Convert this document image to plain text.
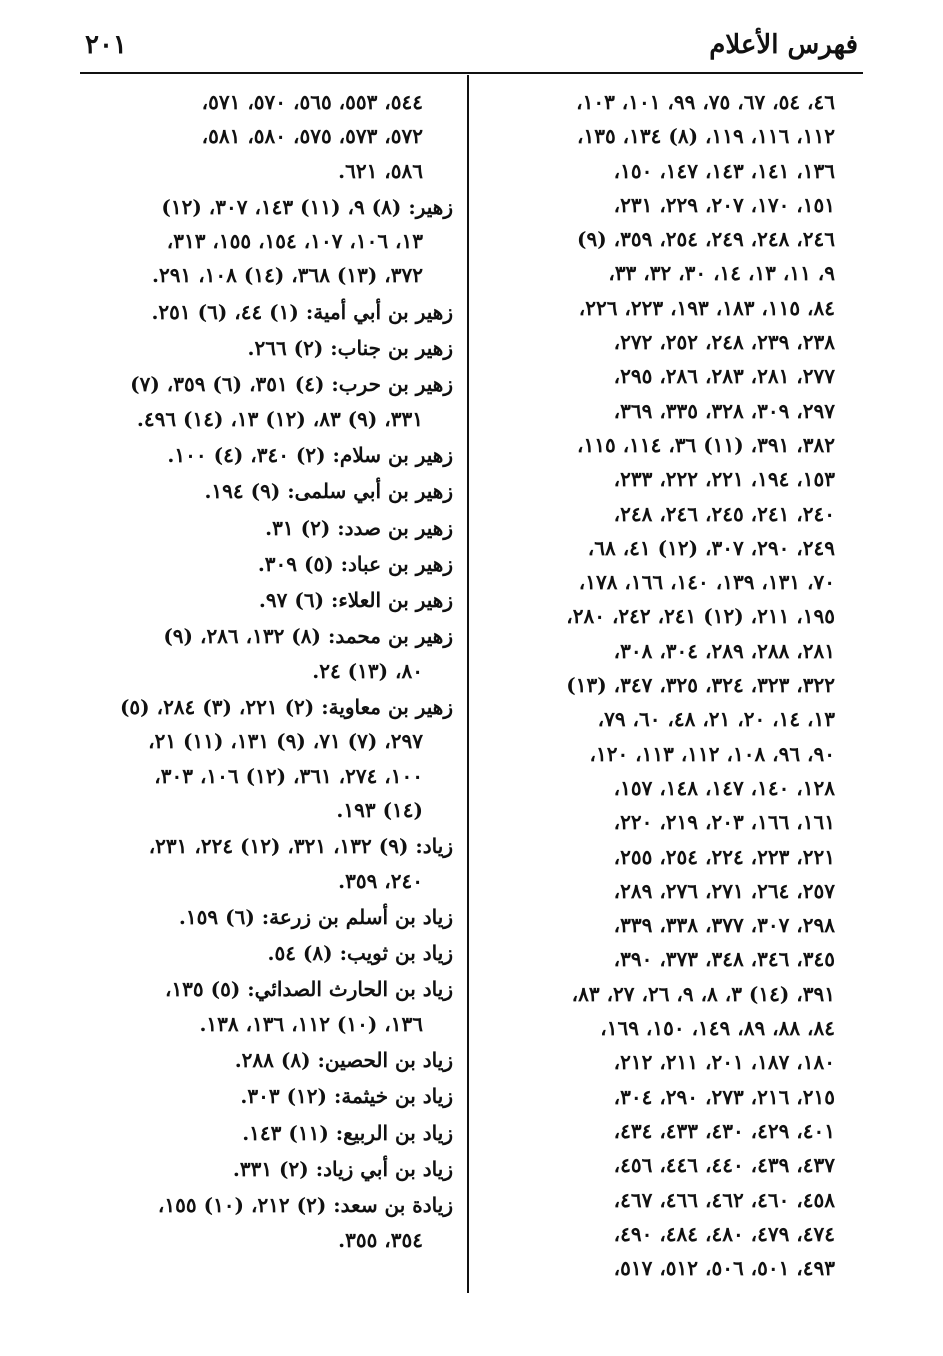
فهرس الأعلام
٢٠١
٤٦، ٥٤، ٦٧، ٧٥، ٩٩، ١٠١، ١٠٣،
١١٢، ١١٦، ١١٩، (٨) ١٣٤، ١٣٥،
١٣٦، ١٤١، ١٤٣، ١٤٧، ١٥٠،
١٥١، ١٧٠، ٢٠٧، ٢٢٩، ٢٣١،
٢٤٦، ٢٤٨، ٢٤٩، ٢٥٤، ٣٥٩، (٩)
٩، ١١، ١٣، ١٤، ٣٠، ٣٢، ٣٣،
٨٤، ١١٥، ١٨٣، ١٩٣، ٢٢٣، ٢٢٦،
٢٣٨، ٢٣٩، ٢٤٨، ٢٥٢، ٢٧٢،
٢٧٧، ٢٨١، ٢٨٣، ٢٨٦، ٢٩٥،
٢٩٧، ٣٠٩، ٣٢٨، ٣٣٥، ٣٦٩،
٣٨٢، ٣٩١، (١١) ٣٦، ١١٤، ١١٥،
١٥٣، ١٩٤، ٢٢١، ٢٢٢، ٢٣٣،
٢٤٠، ٢٤١، ٢٤٥، ٢٤٦، ٢٤٨،
٢٤٩، ٢٩٠، ٣٠٧، (١٢) ٤١، ٦٨،
٧٠، ١٣١، ١٣٩، ١٤٠، ١٦٦، ١٧٨،
١٩٥، ٢١١، (١٢) ٢٤١، ٢٤٢، ٢٨٠،
٢٨١، ٢٨٨، ٢٨٩، ٣٠٤، ٣٠٨،
٣٢٢، ٣٢٣، ٣٢٤، ٣٢٥، ٣٤٧، (١٣)
١٣، ١٤، ٢٠، ٢١، ٤٨، ٦٠، ٧٩،
٩٠، ٩٦، ١٠٨، ١١٢، ١١٣، ١٢٠،
١٢٨، ١٤٠، ١٤٧، ١٤٨، ١٥٧،
١٦١، ١٦٦، ٢٠٣، ٢١٩، ٢٢٠،
٢٢١، ٢٢٣، ٢٢٤، ٢٥٤، ٢٥٥،
٢٥٧، ٢٦٤، ٢٧١، ٢٧٦، ٢٨٩،
٢٩٨، ٣٠٧، ٣٧٧، ٣٣٨، ٣٣٩،
٣٤٥، ٣٤٦، ٣٤٨، ٣٧٣، ٣٩٠،
٣٩١، (١٤) ٣، ٨، ٩، ٢٦، ٢٧، ٨٣،
٨٤، ٨٨، ٨٩، ١٤٩، ١٥٠، ١٦٩،
١٨٠، ١٨٧، ٢٠١، ٢١١، ٢١٢،
٢١٥، ٢١٦، ٢٧٣، ٢٩٠، ٣٠٤،
٤٠١، ٤٢٩، ٤٣٠، ٤٣٣، ٤٣٤،
٤٣٧، ٤٣٩، ٤٤٠، ٤٤٦، ٤٥٦،
٤٥٨، ٤٦٠، ٤٦٢، ٤٦٦، ٤٦٧،
٤٧٤، ٤٧٩، ٤٨٠، ٤٨٤، ٤٩٠،
٤٩٣، ٥٠١، ٥٠٦، ٥١٢، ٥١٧،
٥٤٤، ٥٥٣، ٥٦٥، ٥٧٠، ٥٧١،
٥٧٢، ٥٧٣، ٥٧٥، ٥٨٠، ٥٨١،
٥٨٦، ٦٢١.
زهير: (٨) ٩، (١١) ١٤٣، ٣٠٧، (١٢)
١٣، ١٠٦، ١٠٧، ١٥٤، ١٥٥، ٣١٣،
٣٧٢، (١٣) ٣٦٨، (١٤) ١٠٨، ٢٩١.
زهير بن أبي أمية: (١) ٤٤، (٦) ٢٥١.
زهير بن جناب: (٢) ٢٦٦.
زهير بن حرب: (٤) ٣٥١، (٦) ٣٥٩، (٧)
٣٣١، (٩) ٨٣، (١٢) ١٣، (١٤) ٤٩٦.
زهير بن سلام: (٢) ٣٤٠، (٤) ١٠٠.
زهير بن أبي سلمى: (٩) ١٩٤.
زهير بن صدد: (٢) ٣١.
زهير بن عباد: (٥) ٣٠٩.
زهير بن العلاء: (٦) ٩٧.
زهير بن محمد: (٨) ١٣٢، ٢٨٦، (٩)
٨٠، (١٣) ٢٤.
زهير بن معاوية: (٢) ٢٢١، (٣) ٢٨٤، (٥)
٢٩٧، (٧) ٧١، (٩) ١٣١، (١١) ٢١،
١٠٠، ٢٧٤، ٣٦١، (١٢) ١٠٦، ٣٠٣،
(١٤) ١٩٣.
زياد: (٩) ١٣٢، ٣٢١، (١٢) ٢٢٤، ٢٣١،
٢٤٠، ٣٥٩.
زياد بن أسلم بن زرعة: (٦) ١٥٩.
زياد بن ثويب: (٨) ٥٤.
زياد بن الحارث الصدائي: (٥) ١٣٥،
١٣٦، (١٠) ١١٢، ١٣٦، ١٣٨.
زياد بن الحصين: (٨) ٢٨٨.
زياد بن خيثمة: (١٢) ٣٠٣.
زياد بن الربيع: (١١) ١٤٣.
زياد بن أبي زياد: (٢) ٣٣١.
زيادة بن سعد: (٢) ٢١٢، (١٠) ١٥٥،
٣٥٤، ٣٥٥.
